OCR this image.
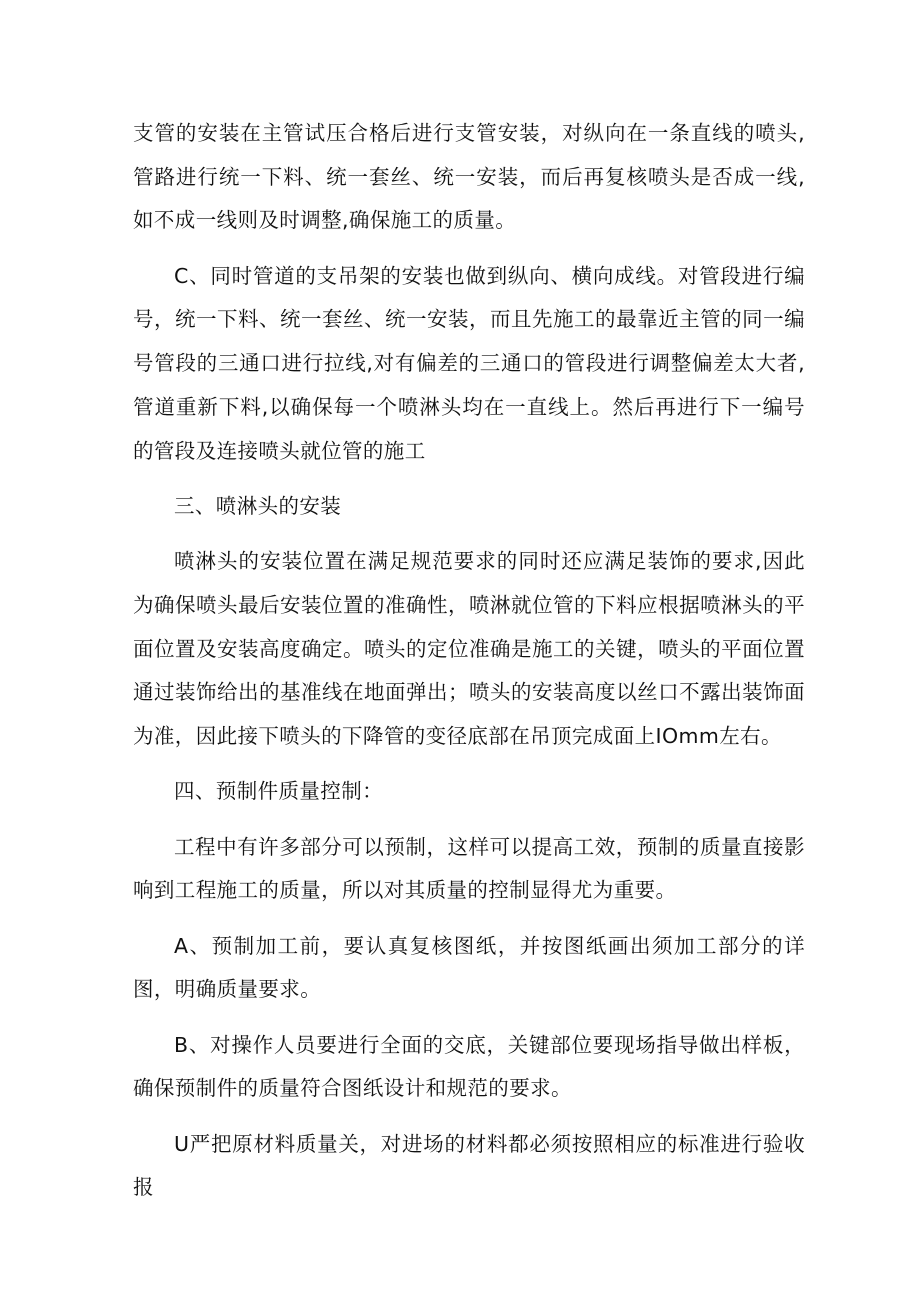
支管的安装在主管试压合格后进行支管安装，对纵向在一条直线的喷头,管路进行统一下料、统一套丝、统一安装，而后再复核喷头是否成一线,如不成一线则及时调整,确保施工的质量。

C、同时管道的支吊架的安装也做到纵向、横向成线。对管段进行编号，统一下料、统一套丝、统一安装，而且先施工的最靠近主管的同一编号管段的三通口进行拉线,对有偏差的三通口的管段进行调整偏差太大者,管道重新下料,以确保每一个喷淋头均在一直线上。然后再进行下一编号的管段及连接喷头就位管的施工

三、喷淋头的安装

喷淋头的安装位置在满足规范要求的同时还应满足装饰的要求,因此为确保喷头最后安装位置的准确性，喷淋就位管的下料应根据喷淋头的平面位置及安装高度确定。喷头的定位准确是施工的关键，喷头的平面位置通过装饰给出的基准线在地面弹出；喷头的安装高度以丝口不露出装饰面为准，因此接下喷头的下降管的变径底部在吊顶完成面上IOmm左右。

四、预制件质量控制：

工程中有许多部分可以预制，这样可以提高工效，预制的质量直接影响到工程施工的质量，所以对其质量的控制显得尤为重要。

A、预制加工前，要认真复核图纸，并按图纸画出须加工部分的详图，明确质量要求。

B、对操作人员要进行全面的交底，关键部位要现场指导做出样板，确保预制件的质量符合图纸设计和规范的要求。

U严把原材料质量关，对进场的材料都必须按照相应的标准进行验收报
